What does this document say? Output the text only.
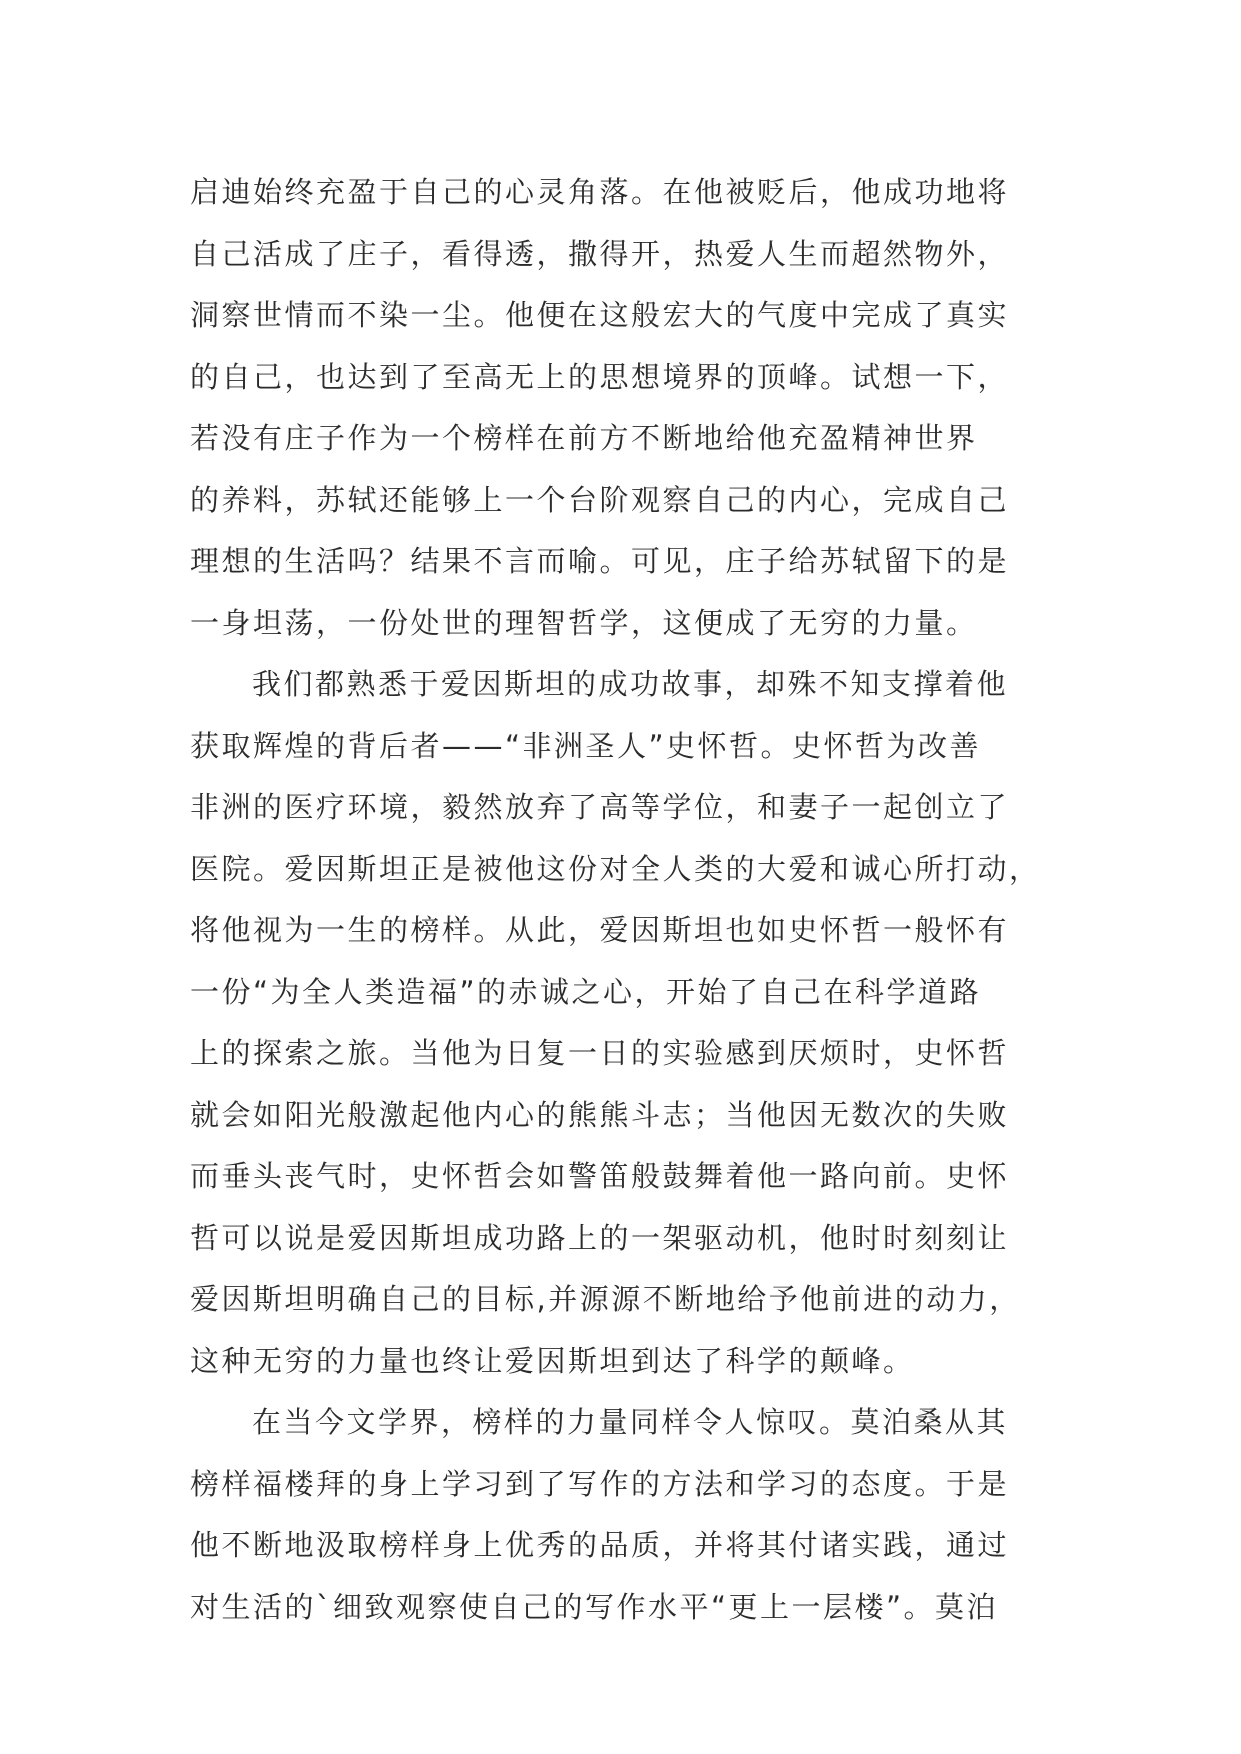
启迪始终充盈于自己的心灵角落。在他被贬后，他成功地将
自己活成了庄子，看得透，撒得开，热爱人生而超然物外，
洞察世情而不染一尘。他便在这般宏大的气度中完成了真实
的自己，也达到了至高无上的思想境界的顶峰。试想一下，
若没有庄子作为一个榜样在前方不断地给他充盈精神世界
的养料，苏轼还能够上一个台阶观察自己的内心，完成自己
理想的生活吗？结果不言而喻。可见，庄子给苏轼留下的是
一身坦荡，一份处世的理智哲学，这便成了无穷的力量。
我们都熟悉于爱因斯坦的成功故事，却殊不知支撑着他
获取辉煌的背后者——“非洲圣人”史怀哲。史怀哲为改善
非洲的医疗环境，毅然放弃了高等学位，和妻子一起创立了
医院。爱因斯坦正是被他这份对全人类的大爱和诚心所打动，
将他视为一生的榜样。从此，爱因斯坦也如史怀哲一般怀有
一份“为全人类造福”的赤诚之心，开始了自己在科学道路
上的探索之旅。当他为日复一日的实验感到厌烦时，史怀哲
就会如阳光般激起他内心的熊熊斗志；当他因无数次的失败
而垂头丧气时，史怀哲会如警笛般鼓舞着他一路向前。史怀
哲可以说是爱因斯坦成功路上的一架驱动机，他时时刻刻让
爱因斯坦明确自己的目标,并源源不断地给予他前进的动力，
这种无穷的力量也终让爱因斯坦到达了科学的颠峰。
在当今文学界，榜样的力量同样令人惊叹。莫泊桑从其
榜样福楼拜的身上学习到了写作的方法和学习的态度。于是
他不断地汲取榜样身上优秀的品质，并将其付诸实践，通过
对生活的`细致观察使自己的写作水平“更上一层楼”。莫泊
